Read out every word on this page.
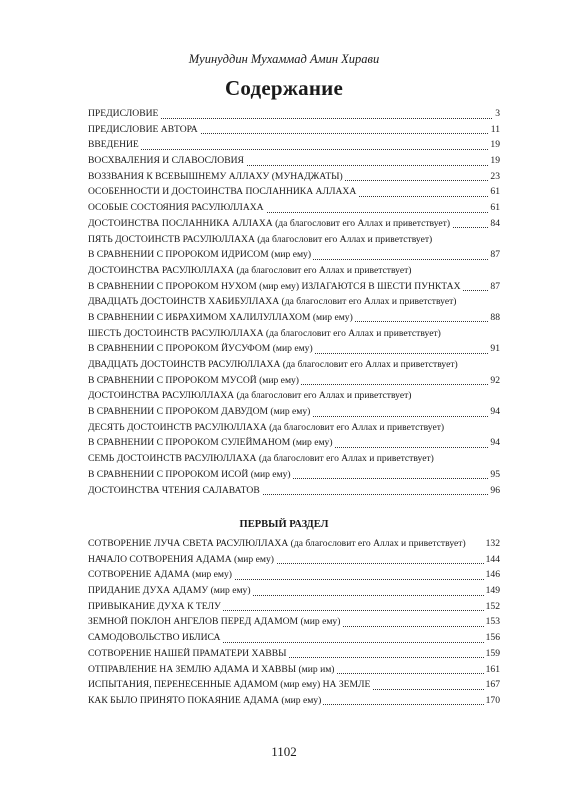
Муинуддин Мухаммад Амин Хирави
Содержание
ПРЕДИСЛОВИЕ	3
ПРЕДИСЛОВИЕ АВТОРА	11
ВВЕДЕНИЕ	19
ВОСХВАЛЕНИЯ И СЛАВОСЛОВИЯ	19
ВОЗЗВАНИЯ К ВСЕВЫШНЕМУ АЛЛАХУ (МУНАДЖАТЫ)	23
ОСОБЕННОСТИ И ДОСТОИНСТВА ПОСЛАННИКА АЛЛАХА	61
ОСОБЫЕ СОСТОЯНИЯ РАСУЛЮЛЛАХА	61
ДОСТОИНСТВА ПОСЛАННИКА АЛЛАХА (да благословит его Аллах и приветствует)	84
ПЯТЬ ДОСТОИНСТВ РАСУЛЮЛЛАХА (да благословит его Аллах и приветствует)
В СРАВНЕНИИ С ПРОРОКОМ ИДРИСОМ (мир ему)	87
ДОСТОИНСТВА РАСУЛЮЛЛАХА (да благословит его Аллах и приветствует)
В СРАВНЕНИИ С ПРОРОКОМ НУХОМ (мир ему) ИЗЛАГАЮТСЯ В ШЕСТИ ПУНКТАХ	87
ДВАДЦАТЬ ДОСТОИНСТВ ХАБИБУЛЛАХА (да благословит его Аллах и приветствует)
В СРАВНЕНИИ С ИБРАХИМОМ ХАЛИЛУЛЛАХОМ (мир ему)	88
ШЕСТЬ ДОСТОИНСТВ РАСУЛЮЛЛАХА (да благословит его Аллах и приветствует)
В СРАВНЕНИИ С ПРОРОКОМ ЙУСУФОМ (мир ему)	91
ДВАДЦАТЬ ДОСТОИНСТВ РАСУЛЮЛЛАХА (да благословит его Аллах и приветствует)
В СРАВНЕНИИ С ПРОРОКОМ МУСОЙ (мир ему)	92
ДОСТОИНСТВА РАСУЛЮЛЛАХА (да благословит его Аллах и приветствует)
В СРАВНЕНИИ С ПРОРОКОМ ДАВУДОМ (мир ему)	94
ДЕСЯТЬ ДОСТОИНСТВ РАСУЛЮЛЛАХА (да благословит его Аллах и приветствует)
В СРАВНЕНИИ С ПРОРОКОМ СУЛЕЙМАНОМ (мир ему)	94
СЕМЬ ДОСТОИНСТВ РАСУЛЮЛЛАХА (да благословит его Аллах и приветствует)
В СРАВНЕНИИ С ПРОРОКОМ ИСОЙ (мир ему)	95
ДОСТОИНСТВА ЧТЕНИЯ САЛАВАТОВ	96
ПЕРВЫЙ РАЗДЕЛ
СОТВОРЕНИЕ ЛУЧА СВЕТА РАСУЛЮЛЛАХА (да благословит его Аллах и приветствует)	132
НАЧАЛО СОТВОРЕНИЯ АДАМА (мир ему)	144
СОТВОРЕНИЕ АДАМА (мир ему)	146
ПРИДАНИЕ ДУХА АДАМУ (мир ему)	149
ПРИВЫКАНИЕ ДУХА К ТЕЛУ	152
ЗЕМНОЙ ПОКЛОН АНГЕЛОВ ПЕРЕД АДАМОМ (мир ему)	153
САМОДОВОЛЬСТВО ИБЛИСА	156
СОТВОРЕНИЕ НАШЕЙ ПРАМАТЕРИ ХАВВЫ	159
ОТПРАВЛЕНИЕ НА ЗЕМЛЮ АДАМА И ХАВВЫ (мир им)	161
ИСПЫТАНИЯ, ПЕРЕНЕСЕННЫЕ АДАМОМ (мир ему) НА ЗЕМЛЕ	167
КАК БЫЛО ПРИНЯТО ПОКАЯНИЕ АДАМА (мир ему)	170
1102
